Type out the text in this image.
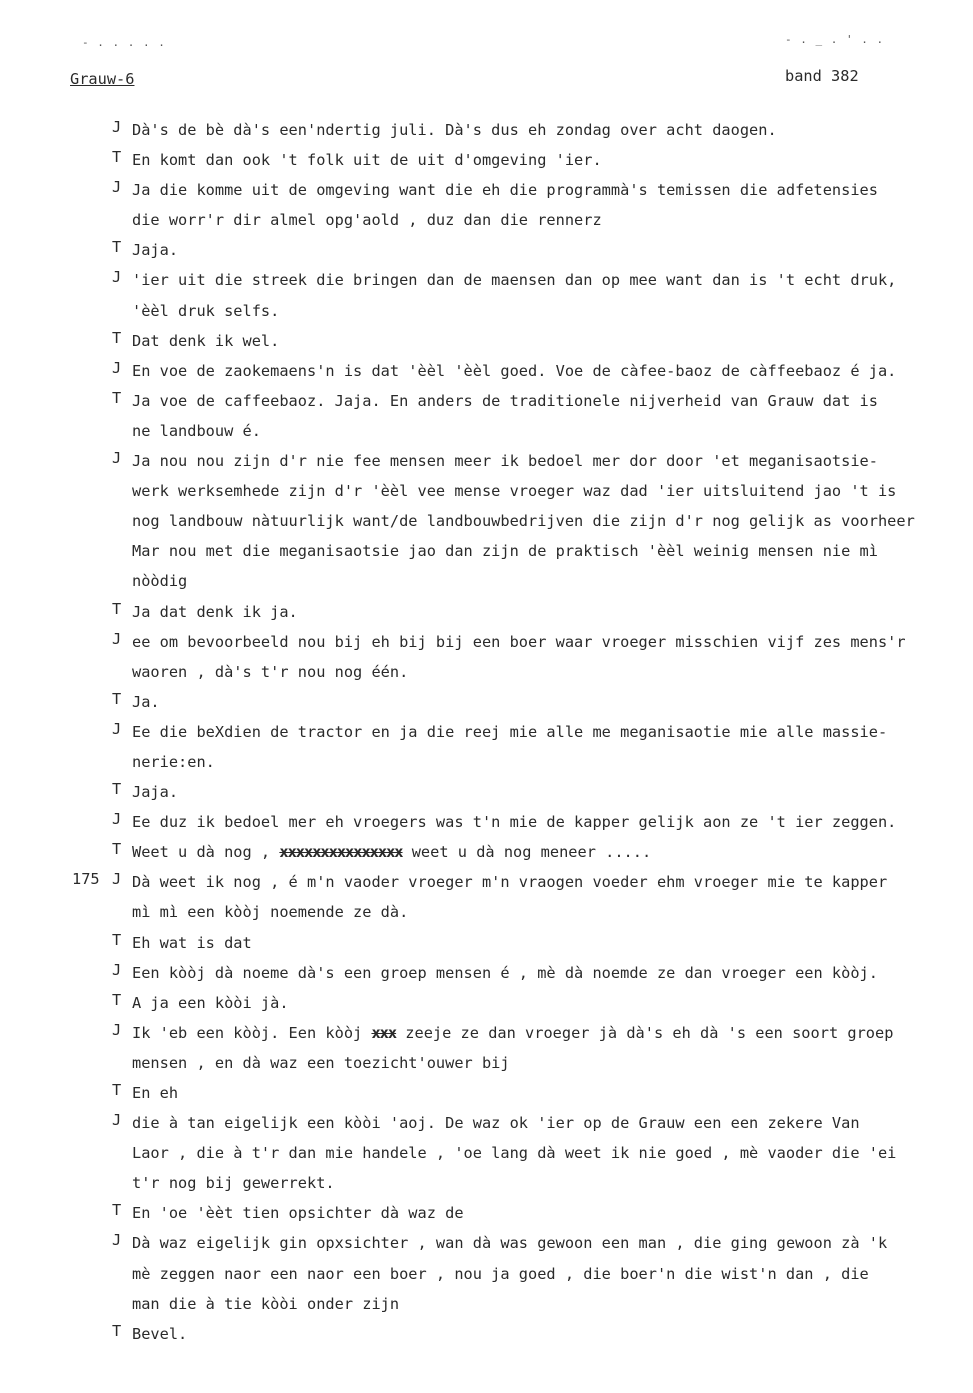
- . . . . .	- . _ . ' . .
Grauw-6	band 382
J Dà's de bè dà's een'ndertig juli. Dà's dus eh zondag over acht daogen.
T En komt dan ook 't folk uit de uit d'omgeving 'ier.
J Ja die komme uit de omgeving want die eh die programmà's temissen die adfetensies
die worr'r dir almel opg'aold , duz dan die rennerz
T Jaja.
J 'ier uit die streek die bringen dan de maensen dan op mee want dan is 't echt druk,
'èèl druk selfs.
T Dat denk ik wel.
J En voe de zaokemaens'n is dat 'èèl 'èèl goed. Voe de càfee-baoz de càffeebaoz é ja.
T Ja voe de caffeebaoz. Jaja. En anders de traditionele nijverheid van Grauw dat is
ne landbouw é.
J Ja nou nou zijn d'r nie fee mensen meer ik bedoel mer dor door 'et meganisaotsie-
werk werksemhede zijn d'r 'èèl vee mense vroeger waz dad 'ier uitsluitend jao 't is
nog landbouw nàtuurlijk want/de landbouwbedrijven die zijn d'r nog gelijk as voorheer
Mar nou met die meganisaotsie jao dan zijn de praktisch 'èèl weinig mensen nie mì
nòòdig
T Ja dat denk ik ja.
J ee om bevoorbeeld nou bij eh bij bij een boer waar vroeger misschien vijf zes mens'r
waoren , dà's t'r nou nog één.
T Ja.
J Ee die beXdien de tractor en ja die reej mie alle me meganisaotie mie alle massie-
nerie:en.
T Jaja.
J Ee duz ik bedoel mer eh vroegers was t'n mie de kapper gelijk aon ze 't ier zeggen.
T Weet u dà nog , xxxxxxxxxxxxxxx weet u dà nog meneer .....
175 J Dà weet ik nog , é m'n vaoder vroeger m'n vraogen voeder ehm vroeger mie te kapper
mì mì een kòòj noemende ze dà.
T Eh wat is dat
J Een kòòj dà noeme dà's een groep mensen é , mè dà noemde ze dan vroeger een kòòj.
T A ja een kòòi jà.
J Ik 'eb een kòòj. Een kòòj xxx zeeje ze dan vroeger jà dà's eh dà 's een soort groep
mensen , en dà waz een toezicht'ouwer bij
T En eh
J die à tan eigelijk een kòòi 'aoj. De waz ok 'ier op de Grauw een een zekere Van
Laor , die à t'r dan mie handele , 'oe lang dà weet ik nie goed , mè vaoder die 'ei
t'r nog bij gewerrekt.
T En 'oe 'èèt tien opsichter dà waz de
J Dà waz eigelijk gin opxsichter , wan dà was gewoon een man , die ging gewoon zà 'k
mè zeggen naor een naor een boer , nou ja goed , die boer'n die wist'n dan , die
man die à tie kòòi onder zijn
T Bevel.
